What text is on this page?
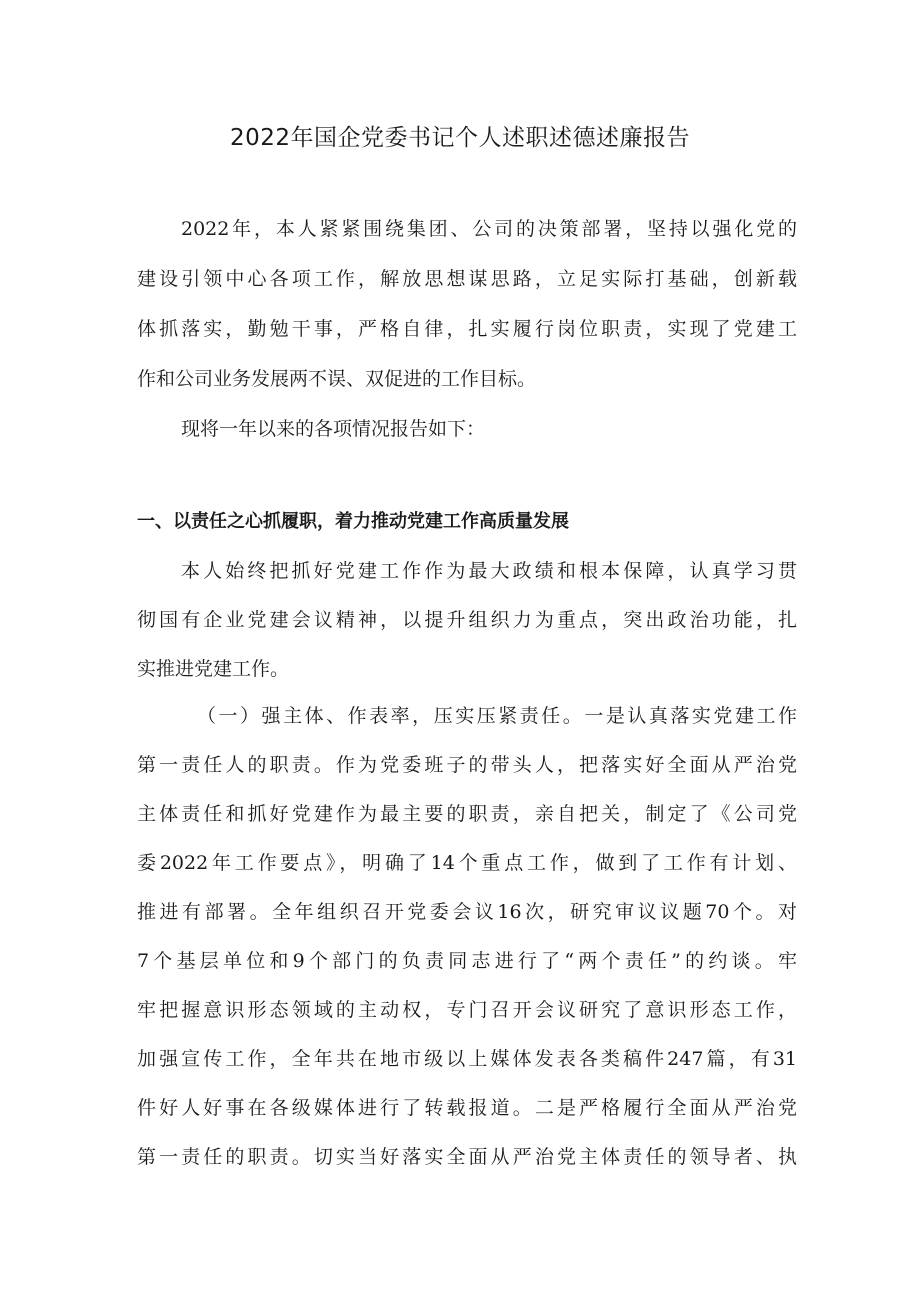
2022年国企党委书记个人述职述德述廉报告
2022年，本人紧紧围绕集团、公司的决策部署，坚持以强化党的
建设引领中心各项工作，解放思想谋思路，立足实际打基础，创新载
体抓落实，勤勉干事，严格自律，扎实履行岗位职责，实现了党建工
作和公司业务发展两不误、双促进的工作目标。
现将一年以来的各项情况报告如下：
一、以责任之心抓履职，着力推动党建工作高质量发展
本人始终把抓好党建工作作为最大政绩和根本保障，认真学习贯
彻国有企业党建会议精神，以提升组织力为重点，突出政治功能，扎
实推进党建工作。
（一）强主体、作表率，压实压紧责任。一是认真落实党建工作
第一责任人的职责。作为党委班子的带头人，把落实好全面从严治党
主体责任和抓好党建作为最主要的职责，亲自把关，制定了《公司党
委2022年工作要点》，明确了14个重点工作，做到了工作有计划、
推进有部署。全年组织召开党委会议16次，研究审议议题70个。对
7个基层单位和9个部门的负责同志进行了“两个责任”的约谈。牢
牢把握意识形态领域的主动权，专门召开会议研究了意识形态工作，
加强宣传工作，全年共在地市级以上媒体发表各类稿件247篇，有31
件好人好事在各级媒体进行了转载报道。二是严格履行全面从严治党
第一责任的职责。切实当好落实全面从严治党主体责任的领导者、执
